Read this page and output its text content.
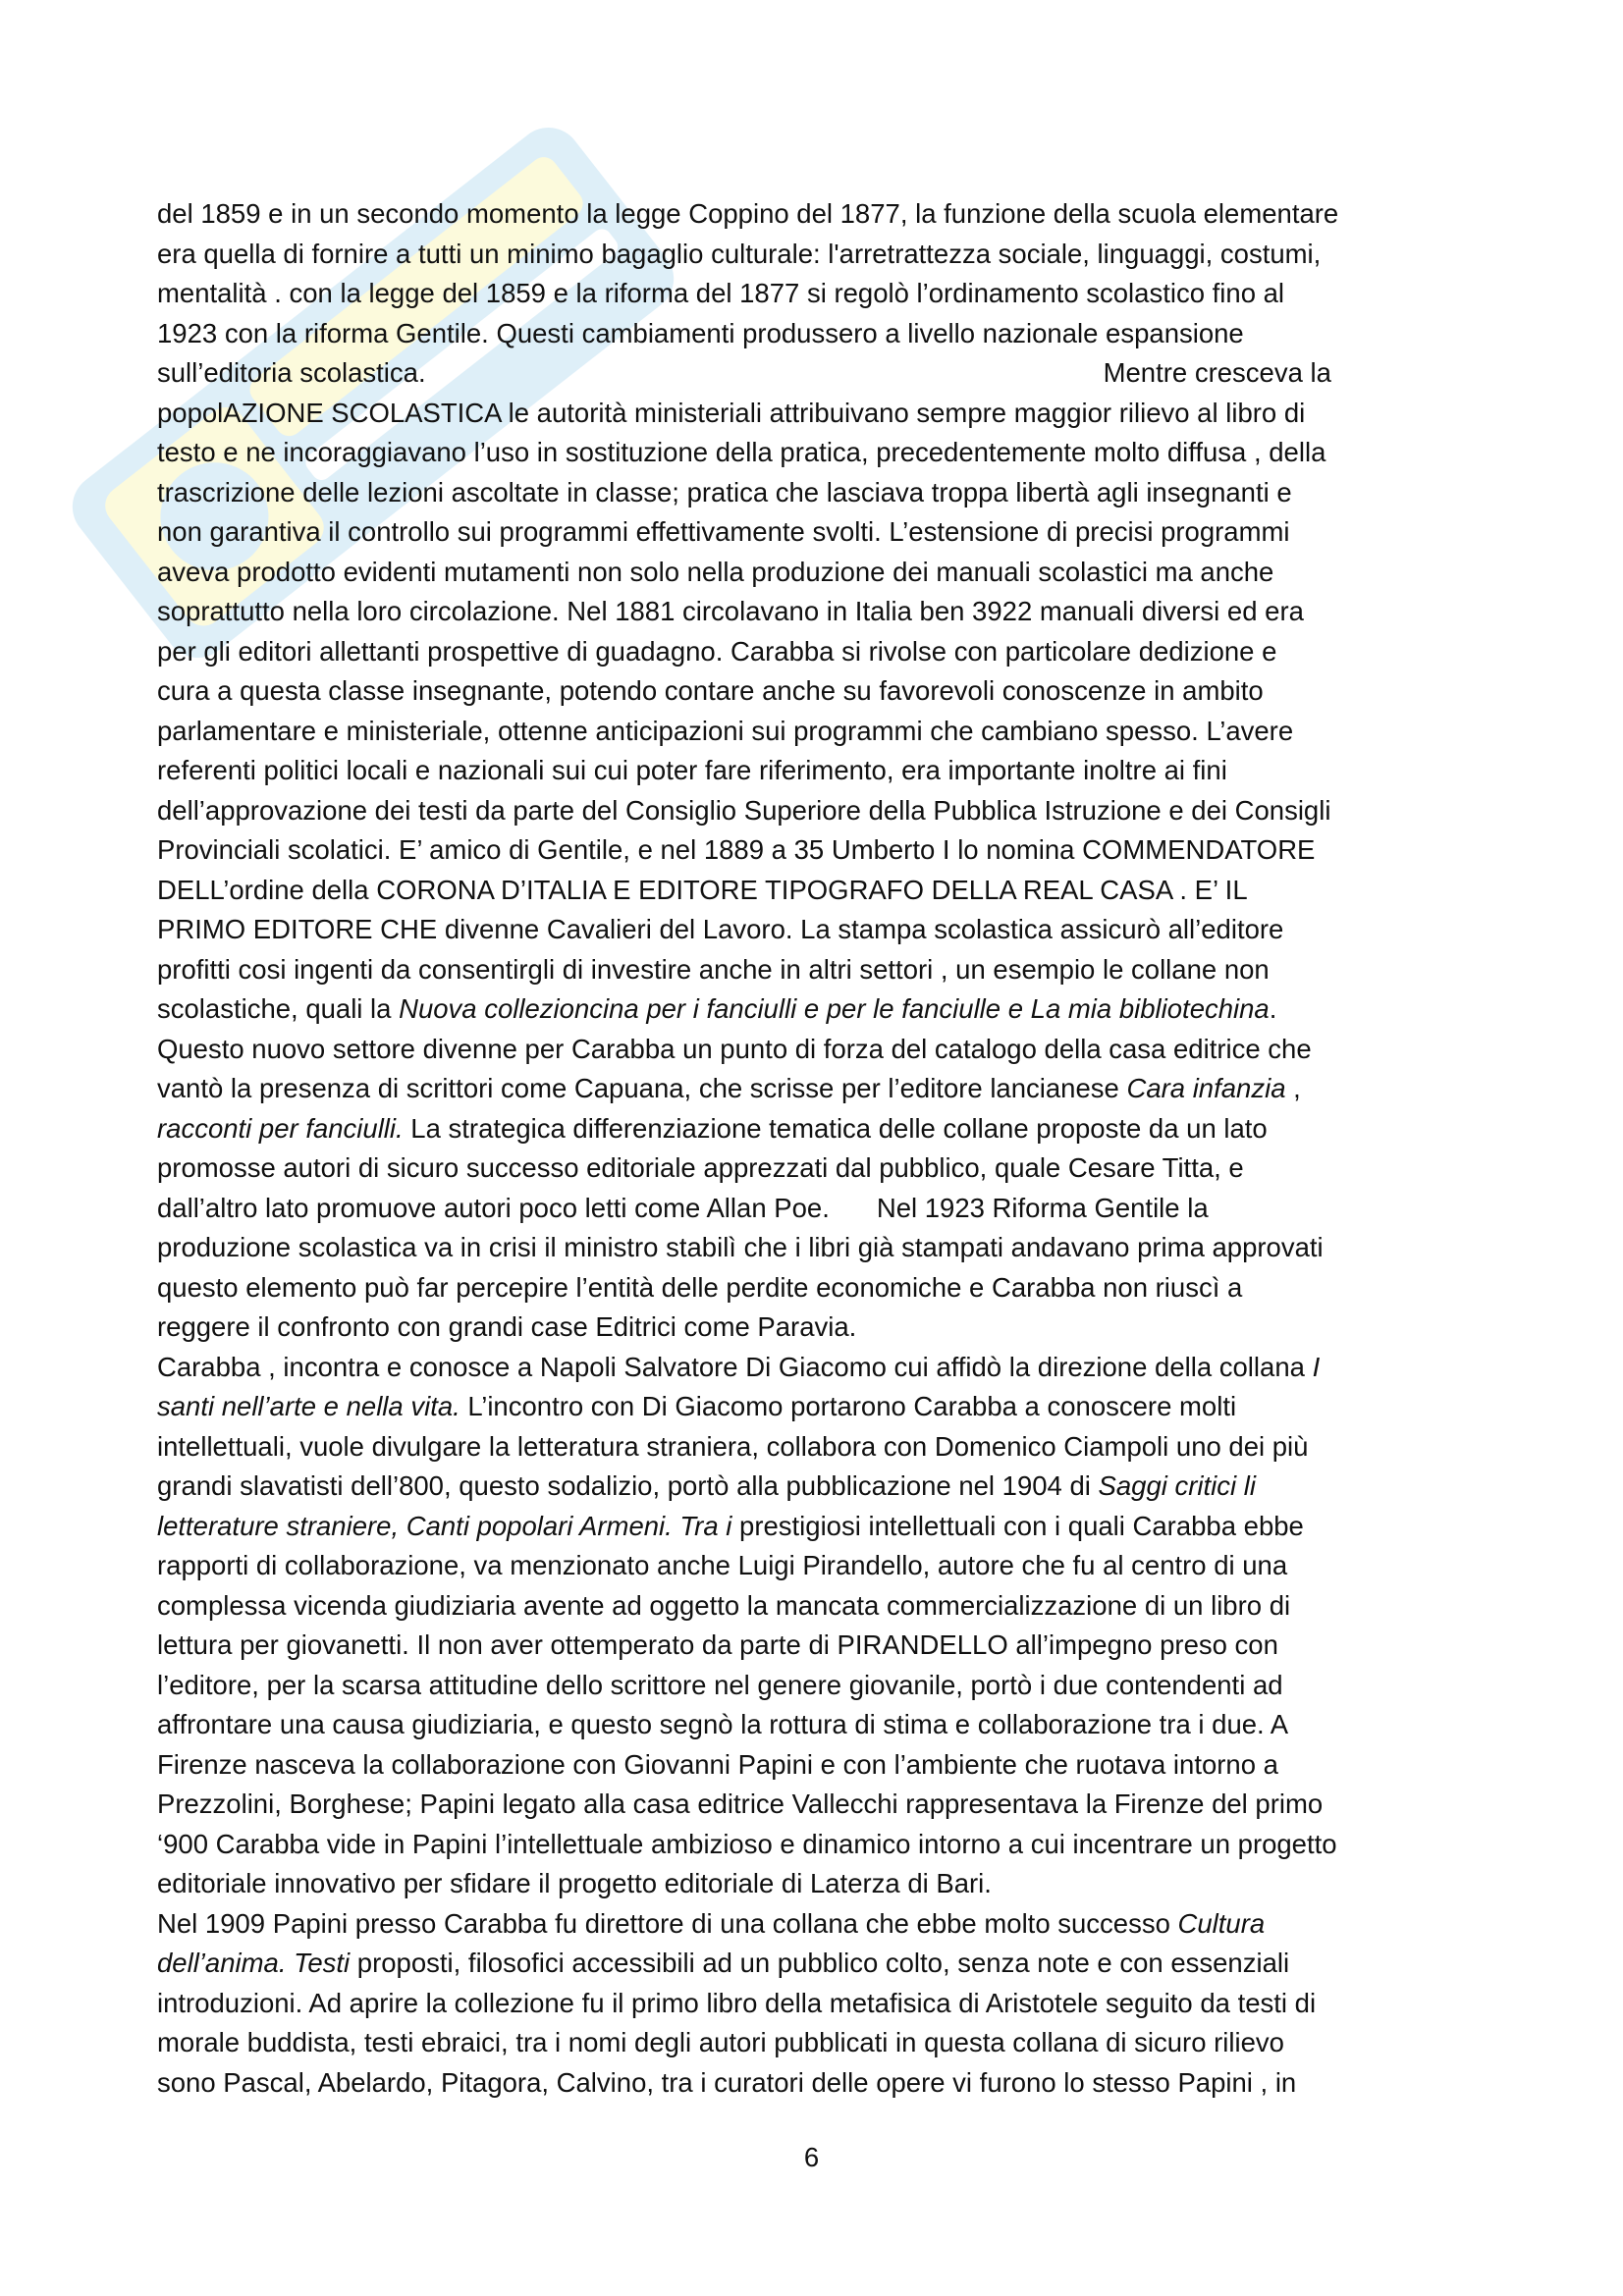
del 1859 e in un secondo momento la legge Coppino del 1877, la funzione della scuola elementare
era quella di fornire a tutti un minimo bagaglio culturale: l'arretrattezza sociale, linguaggi, costumi,
mentalità . con la legge del 1859 e la riforma del 1877 si regolò l’ordinamento scolastico fino al
1923 con la riforma Gentile. Questi cambiamenti produssero a livello nazionale espansione
sull’editoria scolastica.	Mentre cresceva la
popolAZIONE SCOLASTICA le autorità ministeriali attribuivano sempre maggior rilievo al libro di
testo e ne incoraggiavano l’uso in sostituzione della pratica, precedentemente molto diffusa , della
trascrizione delle lezioni ascoltate in classe; pratica che lasciava troppa libertà agli insegnanti e
non garantiva il controllo sui programmi effettivamente svolti. L’estensione di precisi programmi
aveva prodotto evidenti mutamenti non solo nella produzione dei manuali scolastici ma anche
soprattutto nella loro circolazione. Nel 1881 circolavano in Italia ben 3922 manuali diversi ed era
per gli editori allettanti prospettive di guadagno. Carabba si rivolse con particolare dedizione e
cura a questa classe insegnante, potendo contare anche su favorevoli conoscenze in ambito
parlamentare e ministeriale, ottenne anticipazioni sui programmi che cambiano spesso. L’avere
referenti politici locali e nazionali sui cui poter fare riferimento, era importante inoltre ai fini
dell’approvazione dei testi da parte del Consiglio Superiore della Pubblica Istruzione e dei Consigli
Provinciali scolatici. E’ amico di Gentile, e nel 1889 a 35 Umberto I lo nomina COMMENDATORE
DELL’ordine della CORONA D’ITALIA E EDITORE TIPOGRAFO DELLA REAL CASA . E’ IL
PRIMO EDITORE CHE divenne Cavalieri del Lavoro. La stampa scolastica assicurò all’editore
profitti cosi ingenti da consentirgli di investire anche in altri settori , un esempio le collane non
scolastiche, quali la Nuova collezioncina per i fanciulli e per le fanciulle e La mia bibliotechina.
Questo nuovo settore divenne per Carabba un punto di forza del catalogo della casa editrice che
vantò la presenza di scrittori come Capuana, che scrisse per l’editore lancianese Cara infanzia ,
racconti per fanciulli. La strategica differenziazione tematica delle collane proposte da un lato
promosse autori di sicuro successo editoriale apprezzati dal pubblico, quale Cesare Titta, e
dall’altro lato promuove autori poco letti come Allan Poe. Nel 1923 Riforma Gentile la
produzione scolastica va in crisi il ministro stabilì che i libri già stampati andavano prima approvati
questo elemento può far percepire l’entità delle perdite economiche e Carabba non riuscì a
reggere il confronto con grandi case Editrici come Paravia.
Carabba , incontra e conosce a Napoli Salvatore Di Giacomo cui affidò la direzione della collana I
santi nell’arte e nella vita. L’incontro con Di Giacomo portarono Carabba a conoscere molti
intellettuali, vuole divulgare la letteratura straniera, collabora con Domenico Ciampoli uno dei più
grandi slavatisti dell’800, questo sodalizio, portò alla pubblicazione nel 1904 di Saggi critici li
letterature straniere, Canti popolari Armeni. Tra i prestigiosi intellettuali con i quali Carabba ebbe
rapporti di collaborazione, va menzionato anche Luigi Pirandello, autore che fu al centro di una
complessa vicenda giudiziaria avente ad oggetto la mancata commercializzazione di un libro di
lettura per giovanetti. Il non aver ottemperato da parte di PIRANDELLO all’impegno preso con
l’editore, per la scarsa attitudine dello scrittore nel genere giovanile, portò i due contendenti ad
affrontare una causa giudiziaria, e questo segnò la rottura di stima e collaborazione tra i due. A
Firenze nasceva la collaborazione con Giovanni Papini e con l’ambiente che ruotava intorno a
Prezzolini, Borghese; Papini legato alla casa editrice Vallecchi rappresentava la Firenze del primo
‘900 Carabba vide in Papini l’intellettuale ambizioso e dinamico intorno a cui incentrare un progetto
editoriale innovativo per sfidare il progetto editoriale di Laterza di Bari.
Nel 1909 Papini presso Carabba fu direttore di una collana che ebbe molto successo Cultura
dell’anima. Testi proposti, filosofici accessibili ad un pubblico colto, senza note e con essenziali
introduzioni. Ad aprire la collezione fu il primo libro della metafisica di Aristotele seguito da testi di
morale buddista, testi ebraici, tra i nomi degli autori pubblicati in questa collana di sicuro rilievo
sono Pascal, Abelardo, Pitagora, Calvino, tra i curatori delle opere vi furono lo stesso Papini , in
6
